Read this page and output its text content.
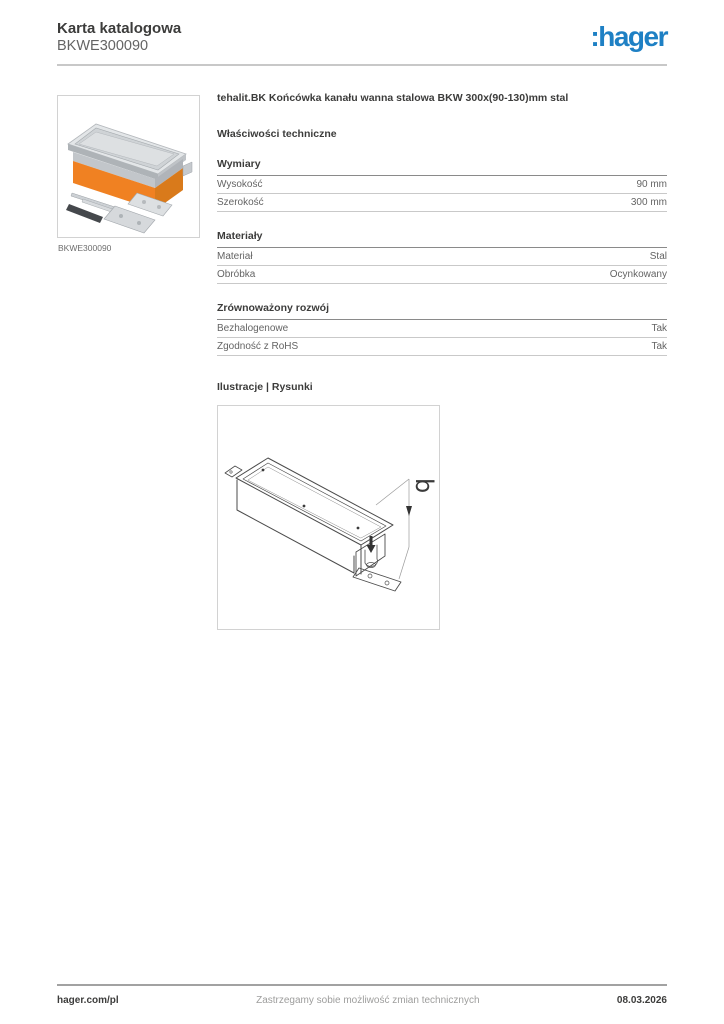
Karta katalogowa
BKWE300090	:hager
BKWE300090
tehalit.BK Końcówka kanału wanna stalowa BKW 300x(90-130)mm stal
Właściwości techniczne
Wymiary
Wysokość	90 mm
Szerokość	300 mm
Materiały
Materiał	Stal
Obróbka	Ocynkowany
Zrównoważony rozwój
Bezhalogenowe	Tak
Zgodność z RoHS	Tak
Ilustracje | Rysunki
b
hager.com/pl	Zastrzegamy sobie możliwość zmian technicznych	08.03.2026
